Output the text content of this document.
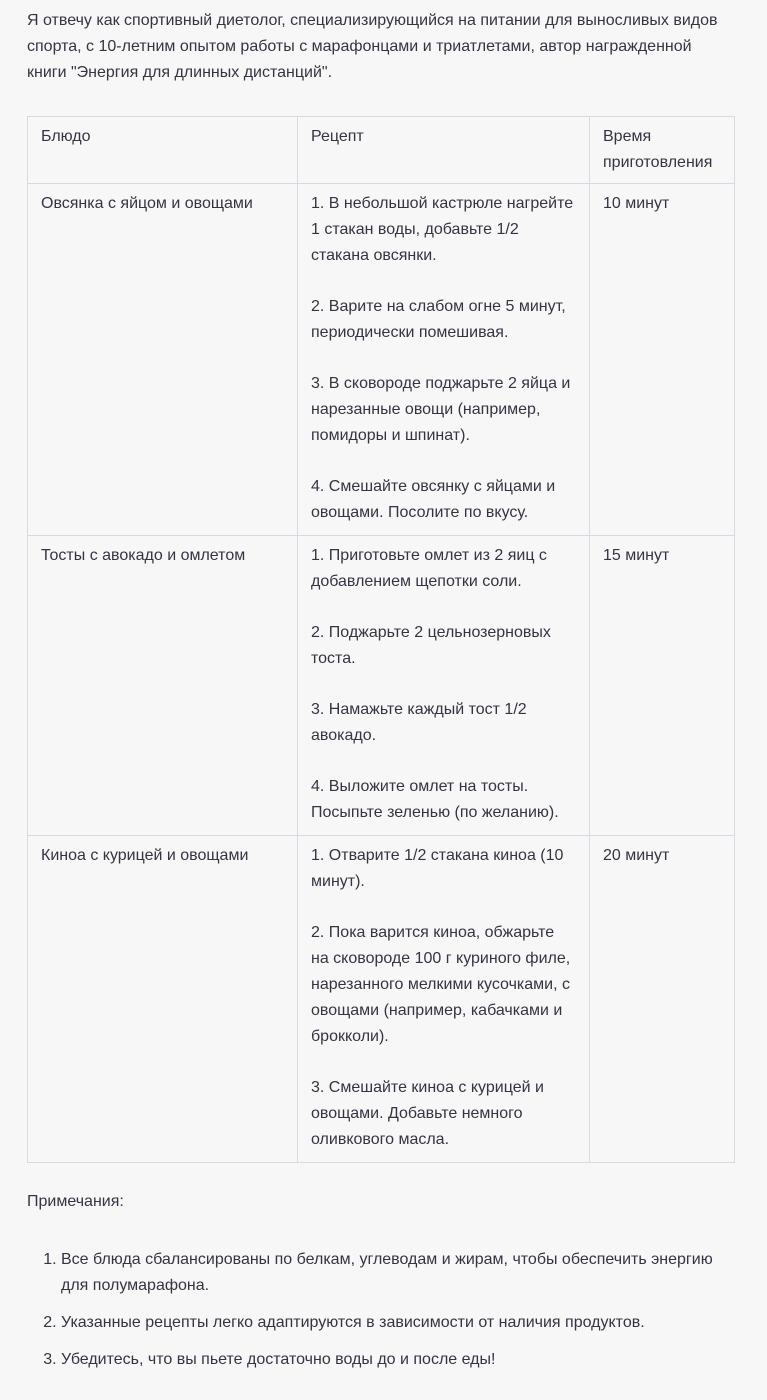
Я отвечу как спортивный диетолог, специализирующийся на питании для выносливых видов спорта, с 10-летним опытом работы с марафонцами и триатлетами, автор награжденной книги "Энергия для длинных дистанций".

Блюдо	Рецепт	Время приготовления
Овсянка с яйцом и овощами	1. В небольшой кастрюле нагрейте 1 стакан воды, добавьте 1/2 стакана овсянки.

2. Варите на слабом огне 5 минут, периодически помешивая.

3. В сковороде поджарьте 2 яйца и нарезанные овощи (например, помидоры и шпинат).

4. Смешайте овсянку с яйцами и овощами. Посолите по вкусу.	10 минут
Тосты с авокадо и омлетом	1. Приготовьте омлет из 2 яиц с добавлением щепотки соли.

2. Поджарьте 2 цельнозерновых тоста.

3. Намажьте каждый тост 1/2 авокадо.

4. Выложите омлет на тосты. Посыпьте зеленью (по желанию).	15 минут
Киноа с курицей и овощами	1. Отварите 1/2 стакана киноа (10 минут).

2. Пока варится киноа, обжарьте на сковороде 100 г куриного филе, нарезанного мелкими кусочками, с овощами (например, кабачками и брокколи).

3. Смешайте киноа с курицей и овощами. Добавьте немного оливкового масла.	20 минут

Примечания:

1. Все блюда сбалансированы по белкам, углеводам и жирам, чтобы обеспечить энергию для полумарафона.
2. Указанные рецепты легко адаптируются в зависимости от наличия продуктов.
3. Убедитесь, что вы пьете достаточно воды до и после еды!
